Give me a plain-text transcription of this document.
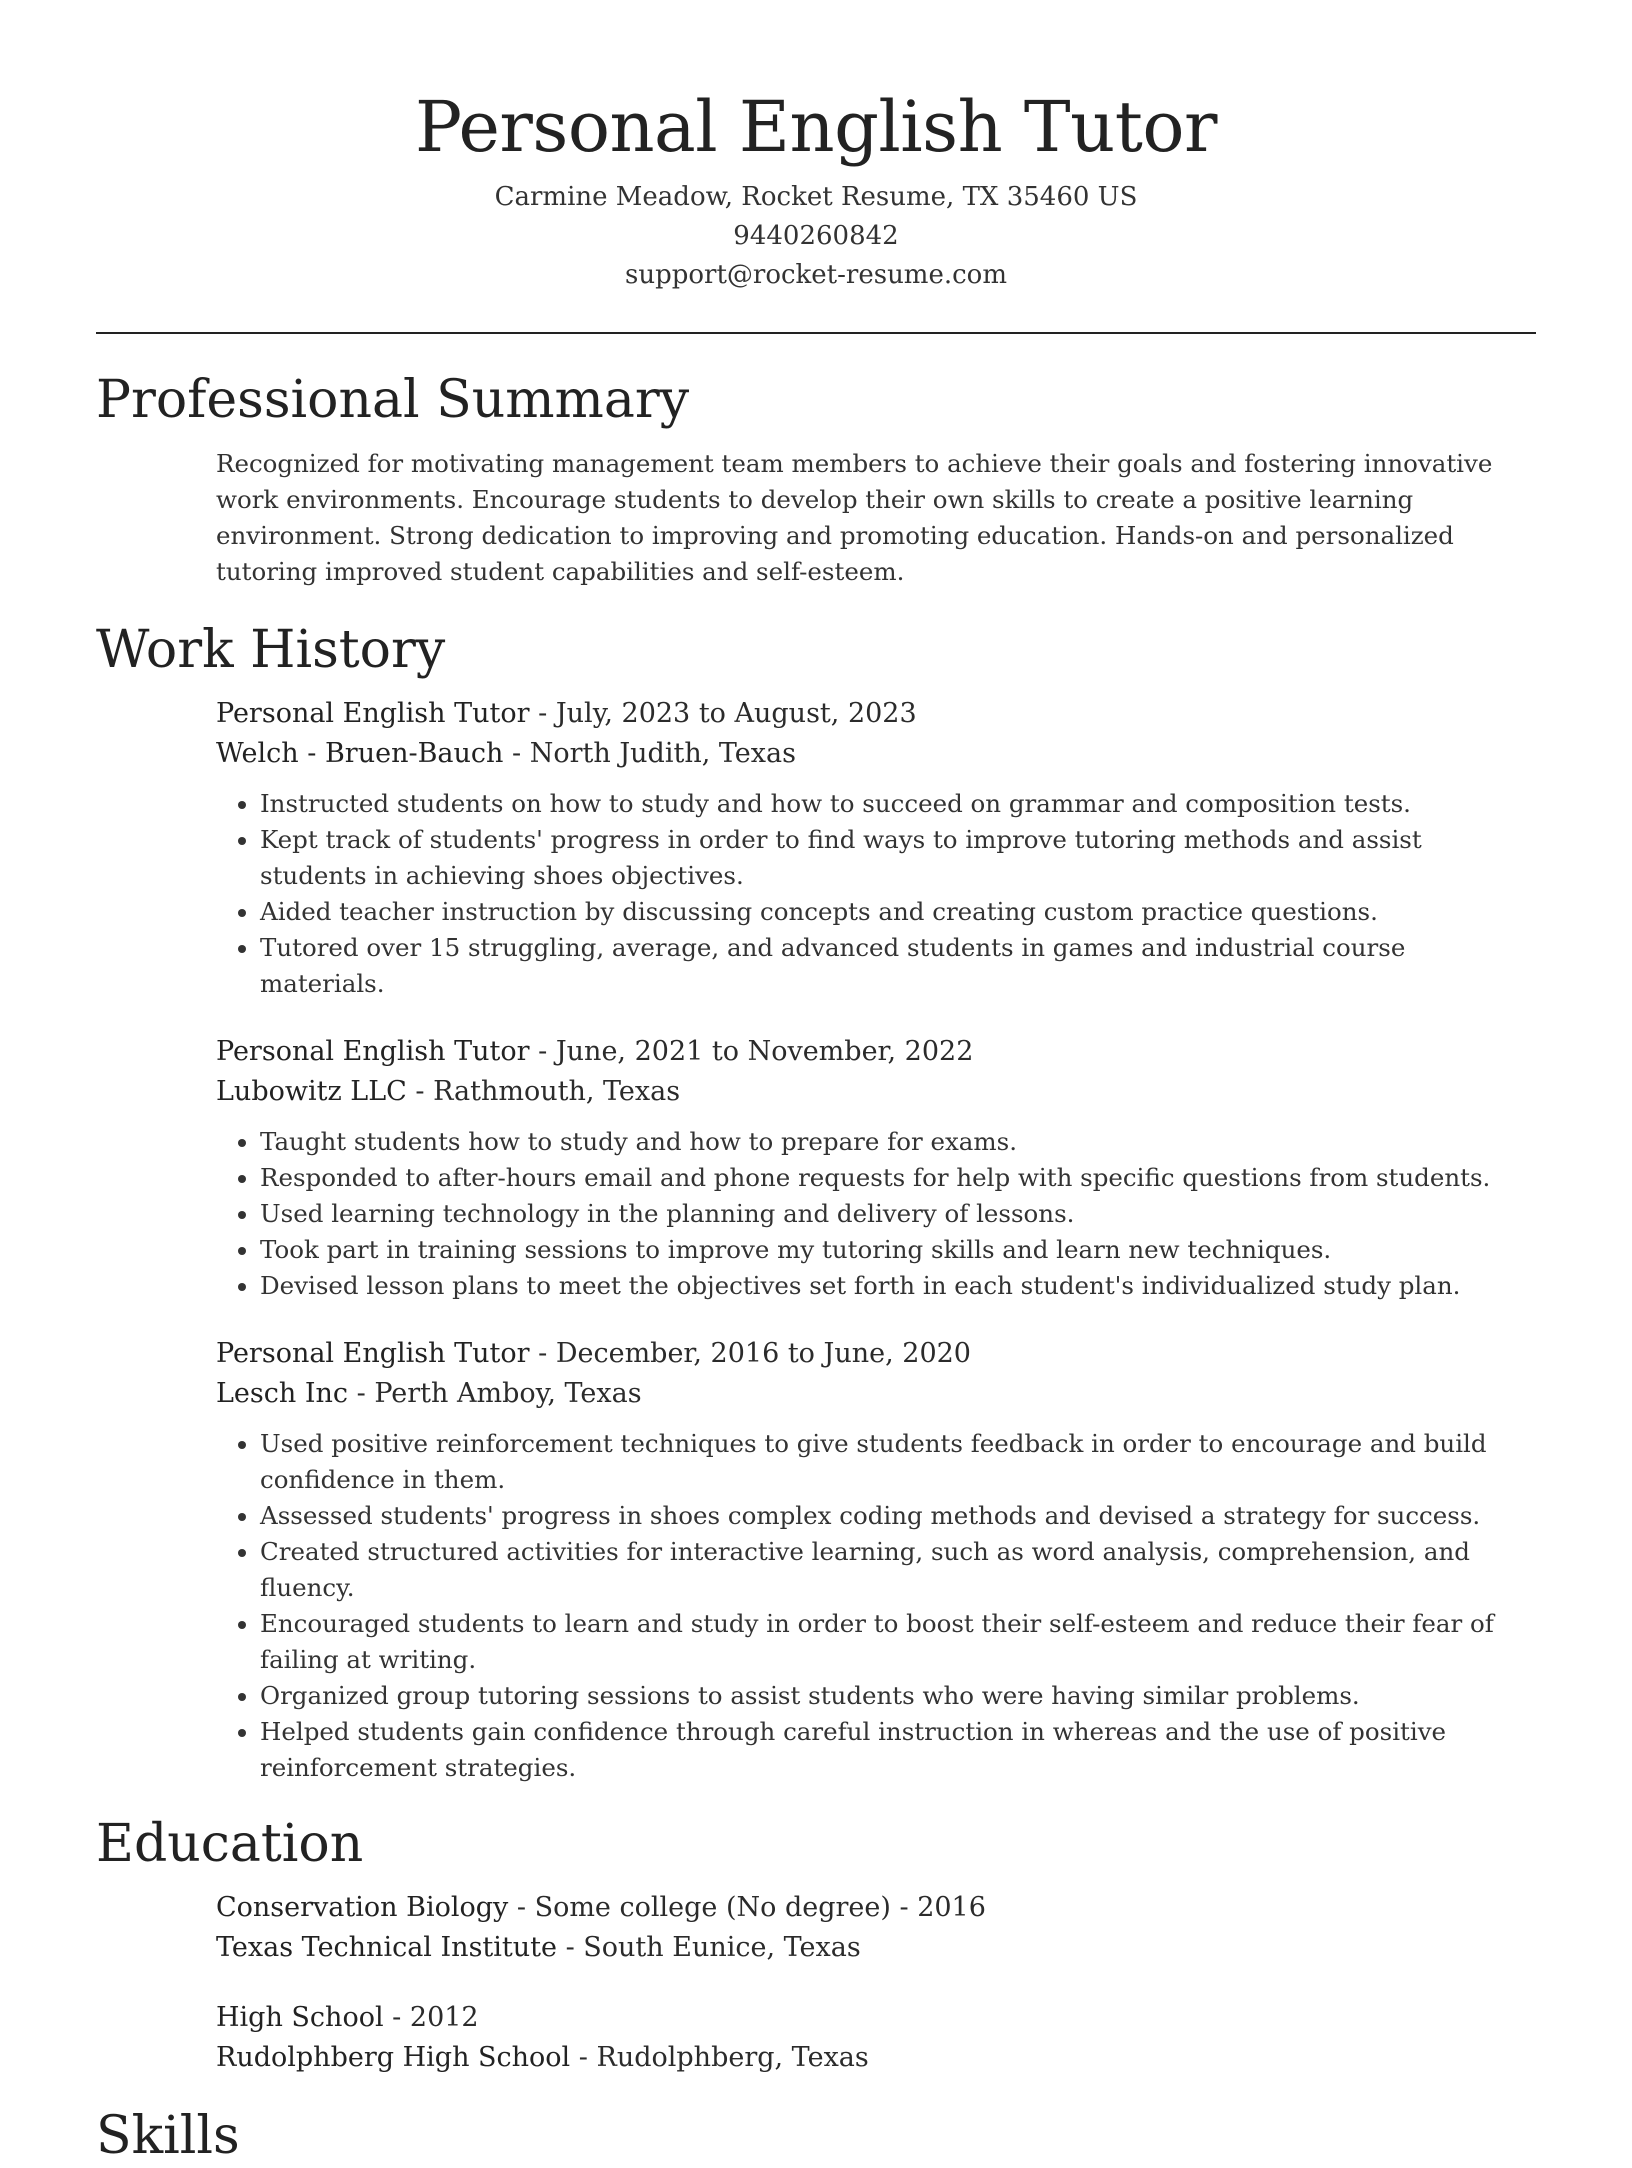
Personal English Tutor
Carmine Meadow, Rocket Resume, TX 35460 US
9440260842
support@rocket-resume.com
Professional Summary

Recognized for motivating management team members to achieve their goals and fostering innovative work environments. Encourage students to develop their own skills to create a positive learning environment. Strong dedication to improving and promoting education. Hands-on and personalized tutoring improved student capabilities and self-esteem.

Work History

Personal English Tutor - July, 2023 to August, 2023

Welch - Bruen-Bauch - North Judith, Texas

• Instructed students on how to study and how to succeed on grammar and composition tests.
• Kept track of students' progress in order to find ways to improve tutoring methods and assist students in achieving shoes objectives.
• Aided teacher instruction by discussing concepts and creating custom practice questions.
• Tutored over 15 struggling, average, and advanced students in games and industrial course materials.

Personal English Tutor - June, 2021 to November, 2022

Lubowitz LLC - Rathmouth, Texas

• Taught students how to study and how to prepare for exams.
• Responded to after-hours email and phone requests for help with specific questions from students.
• Used learning technology in the planning and delivery of lessons.
• Took part in training sessions to improve my tutoring skills and learn new techniques.
• Devised lesson plans to meet the objectives set forth in each student's individualized study plan.

Personal English Tutor - December, 2016 to June, 2020

Lesch Inc - Perth Amboy, Texas

• Used positive reinforcement techniques to give students feedback in order to encourage and build confidence in them.
• Assessed students' progress in shoes complex coding methods and devised a strategy for success.
• Created structured activities for interactive learning, such as word analysis, comprehension, and fluency.
• Encouraged students to learn and study in order to boost their self-esteem and reduce their fear of failing at writing.
• Organized group tutoring sessions to assist students who were having similar problems.
• Helped students gain confidence through careful instruction in whereas and the use of positive reinforcement strategies.
Education

Conservation Biology - Some college (No degree) - 2016

Texas Technical Institute - South Eunice, Texas

High School - 2012

Rudolphberg High School - Rudolphberg, Texas

Skills
